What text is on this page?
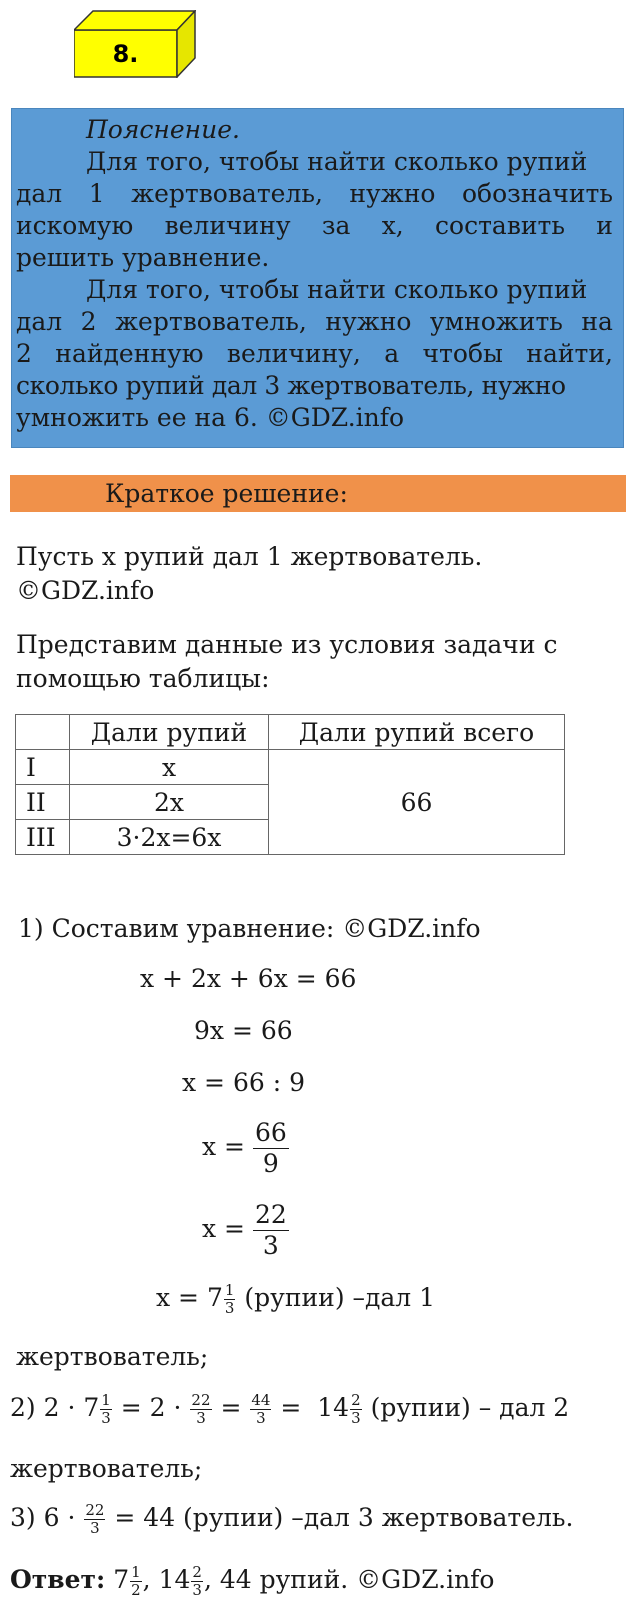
8.
Пояснение.
Для того, чтобы найти сколько рупий
дал 1 жертвователь, нужно обозначить
искомую величину за х, составить и
решить уравнение.
Для того, чтобы найти сколько рупий
дал 2 жертвователь, нужно умножить на
2 найденную величину, а чтобы найти,
сколько рупий дал 3 жертвователь, нужно
умножить ее на 6. ©GDZ.info
Краткое решение:
Пусть х рупий дал 1 жертвователь.
©GDZ.info
Представим данные из условия задачи с
помощью таблицы:
	Дали рупий	Дали рупий всего
I	х	66
II	2х	
III	3·2х=6х	
1) Составим уравнение: ©GDZ.info
x + 2x + 6x = 66
9x = 66
x = 66 : 9
$x = \frac{66}{9}$
$x = \frac{22}{3}$
$x = 7 \frac{1}{3}$ (рупии) –дал 1
жертвователь;
2) $2 \cdot 7 \frac{1}{3} = 2 \cdot \frac{22}{3} = \frac{44}{3} = 14 \frac{2}{3}$ (рупии) – дал 2
жертвователь;
3) $6 \cdot \frac{22}{3} = 44$ (рупии) –дал 3 жертвователь.
Ответ: $7 \frac{1}{2}$ , $14 \frac{2}{3}$ , 44 рупий. ©GDZ.info
